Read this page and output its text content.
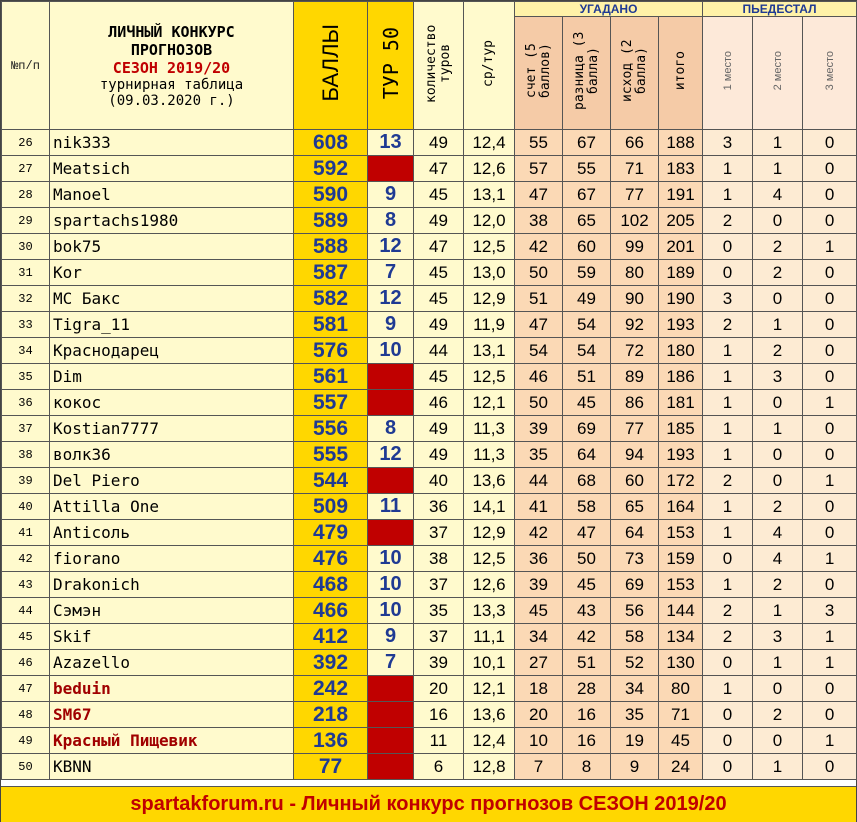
№п/п	ЛИЧНЫЙ КОНКУРС
ПРОГНОЗОВ
СЕЗОН 2019/20
турнирная таблица
(09.03.2020 г.)	БАЛЛЫ	ТУР 50	количество туров	ср/тур	УГАДАНО				ПЬЕДЕСТАЛ		
						счет (5 баллов)	разница (3 балла)	исход (2 балла)	итого	1 место	2 место	3 место
26	nik333	608	13	49	12,4	55	67	66	188	3	1	0
27	Meatsich	592		47	12,6	57	55	71	183	1	1	0
28	Manoel	590	9	45	13,1	47	67	77	191	1	4	0
29	spartachs1980	589	8	49	12,0	38	65	102	205	2	0	0
30	bok75	588	12	47	12,5	42	60	99	201	0	2	1
31	Kor	587	7	45	13,0	50	59	80	189	0	2	0
32	МС Бакс	582	12	45	12,9	51	49	90	190	3	0	0
33	Tigra_11	581	9	49	11,9	47	54	92	193	2	1	0
34	Краснодарец	576	10	44	13,1	54	54	72	180	1	2	0
35	Dim	561		45	12,5	46	51	89	186	1	3	0
36	кокос	557		46	12,1	50	45	86	181	1	0	1
37	Kostian7777	556	8	49	11,3	39	69	77	185	1	1	0
38	волк36	555	12	49	11,3	35	64	94	193	1	0	0
39	Del Piero	544		40	13,6	44	68	60	172	2	0	1
40	Attilla One	509	11	36	14,1	41	58	65	164	1	2	0
41	Anticoль	479		37	12,9	42	47	64	153	1	4	0
42	fiorano	476	10	38	12,5	36	50	73	159	0	4	1
43	Drakonich	468	10	37	12,6	39	45	69	153	1	2	0
44	Сэмэн	466	10	35	13,3	45	43	56	144	2	1	3
45	Skif	412	9	37	11,1	34	42	58	134	2	3	1
46	Azazello	392	7	39	10,1	27	51	52	130	0	1	1
47	beduin	242		20	12,1	18	28	34	80	1	0	0
48	SM67	218		16	13,6	20	16	35	71	0	2	0
49	Красный Пищевик	136		11	12,4	10	16	19	45	0	0	1
50	KBNN	77		6	12,8	7	8	9	24	0	1	0
spartakforum.ru - Личный конкурс прогнозов СЕЗОН 2019/20
